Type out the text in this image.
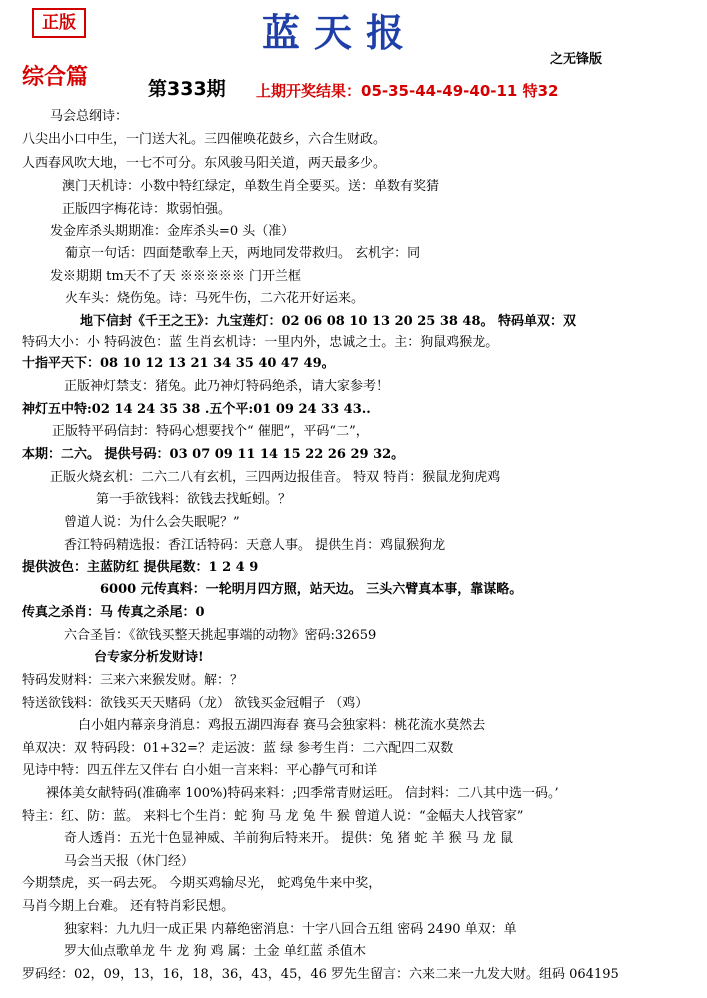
正版	蓝天报
之无锋版
综合篇	第333期 上期开奖结果：05-35-44-49-40-11 特32
马会总纲诗：
八尖出小口中生，一门送大礼。三四催唤花鼓乡，六合生财政。
人西春风吹大地，一七不可分。东风骏马阳关道，两天最多少。
澳门天机诗：小数中特红绿定，单数生肖全要买。送：单数有奖猜
正版四字梅花诗：欺弱怕强。
发金库杀头期期准：金库杀头=0 头（准）
葡京一句话：四面楚歌奉上天，两地同发带救归。 玄机字：同
发※期期 tm天不了天 ※※※※※ 门开兰框
火车头：烧伤兔。诗：马死牛伤，二六花开好运来。
地下信封《千王之王》：九宝莲灯：02 06 08 10 13 20 25 38 48。 特码单双：双
特码大小：小 特码波色：蓝 生肖玄机诗：一里内外，忠诚之士。主：狗鼠鸡猴龙。
十指平天下：08 10 12 13 21 34 35 40 47 49。
正版神灯禁支：猪兔。此乃神灯特码绝杀，请大家参考！
神灯五中特:02 14 24 35 38 .五个平:01 09 24 33 43..
正版特平码信封：特码心想要找个“ 催肥”，平码“二”，
本期：二六。 提供号码：03 07 09 11 14 15 22 26 29 32。
正版火烧玄机：二六二八有玄机，三四两边报佳音。 特双 特肖：猴鼠龙狗虎鸡
第一手欲钱料：欲钱去找蚯蚓。？
曾道人说：为什么会失眠呢？”
香江特码精选报：香江话特码：天意人事。 提供生肖：鸡鼠猴狗龙
提供波色：主蓝防红 提供尾数：1 2 4 9
6000 元传真料：一轮明月四方照，站天边。 三头六臂真本事，靠谋略。
传真之杀肖：马 传真之杀尾：0
六合圣旨：《欲钱买整天挑起事端的动物》密码:32659
台专家分析发财诗!
特码发财料：三来六来猴发财。解：？
特送欲钱料：欲钱买天天赌码（龙） 欲钱买金冠帽子 （鸡）
白小姐内幕亲身消息：鸡报五湖四海春 赛马会独家料：桃花流水莫然去
单双决：双 特码段：01+32=？走运波：蓝 绿 参考生肖：二六配四二双数
见诗中特：四五伴左又伴右 白小姐一言来料：平心静气可和详
裸体美女献特码(准确率 100%)特码来料：;四季常青财运旺。 信封料：二八其中选一码。’
特主：红、防：蓝。 来料七个生肖：蛇 狗 马 龙 兔 牛 猴 曾道人说：“金幅夫人找管家”
奇人透肖：五光十色显神威、羊前狗后特来开。 提供：兔 猪 蛇 羊 猴 马 龙 鼠
马会当天报（休门经）
今期禁虎，买一码去死。 今期买鸡输尽光， 蛇鸡兔牛来中奖，
马肖今期上台难。 还有特肖彩民想。
独家料：九九归一成正果 内幕绝密消息：十字八回合五组 密码 2490 单双：单
罗大仙点歌单龙 牛 龙 狗 鸡 属：土金 单红蓝 杀值木
罗码经：02，09，13，16，18，36，43，45，46 罗先生留言：六来二来一九发大财。组码 064195
